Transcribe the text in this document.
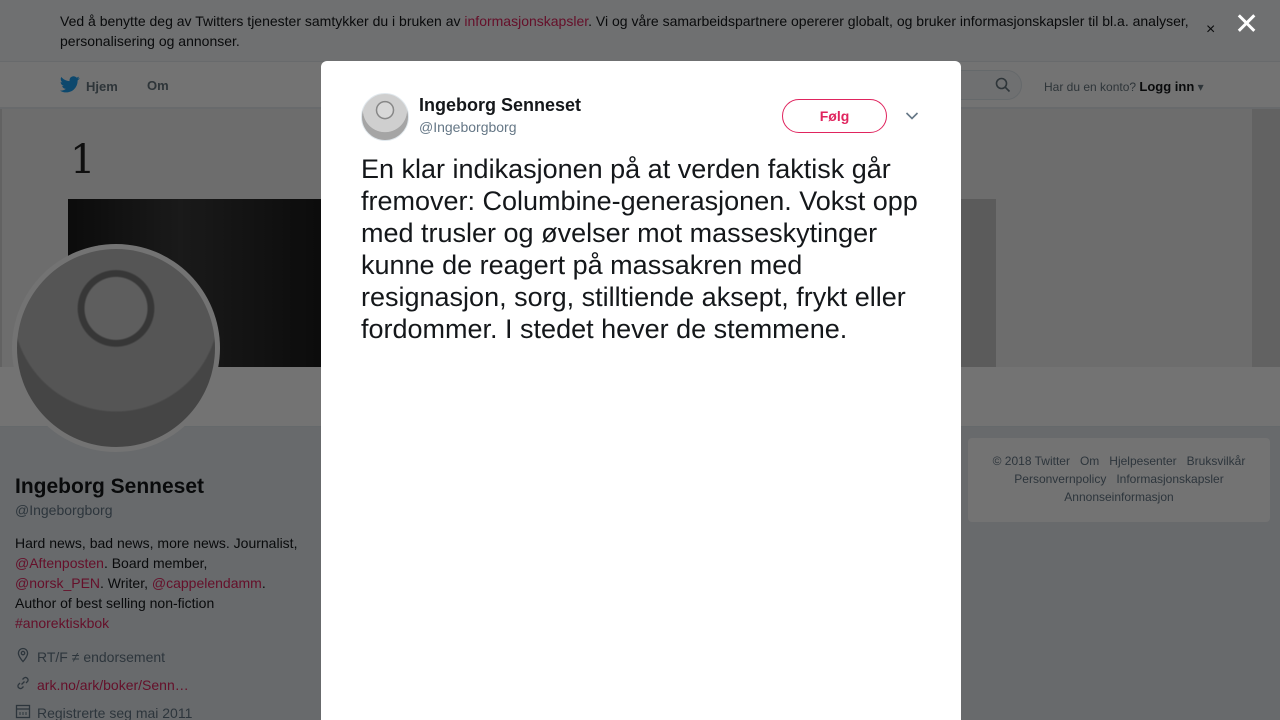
✕
Ingeborg Senneset
@Ingeborgborg
Følg

En klar indikasjonen på at verden faktisk går fremover: Columbine-generasjonen. Vokst opp med trusler og øvelser mot masseskytinger kunne de reagert på massakren med resignasjon, sorg, stilltiende aksept, frykt eller fordommer. I stedet hever de stemmene.
